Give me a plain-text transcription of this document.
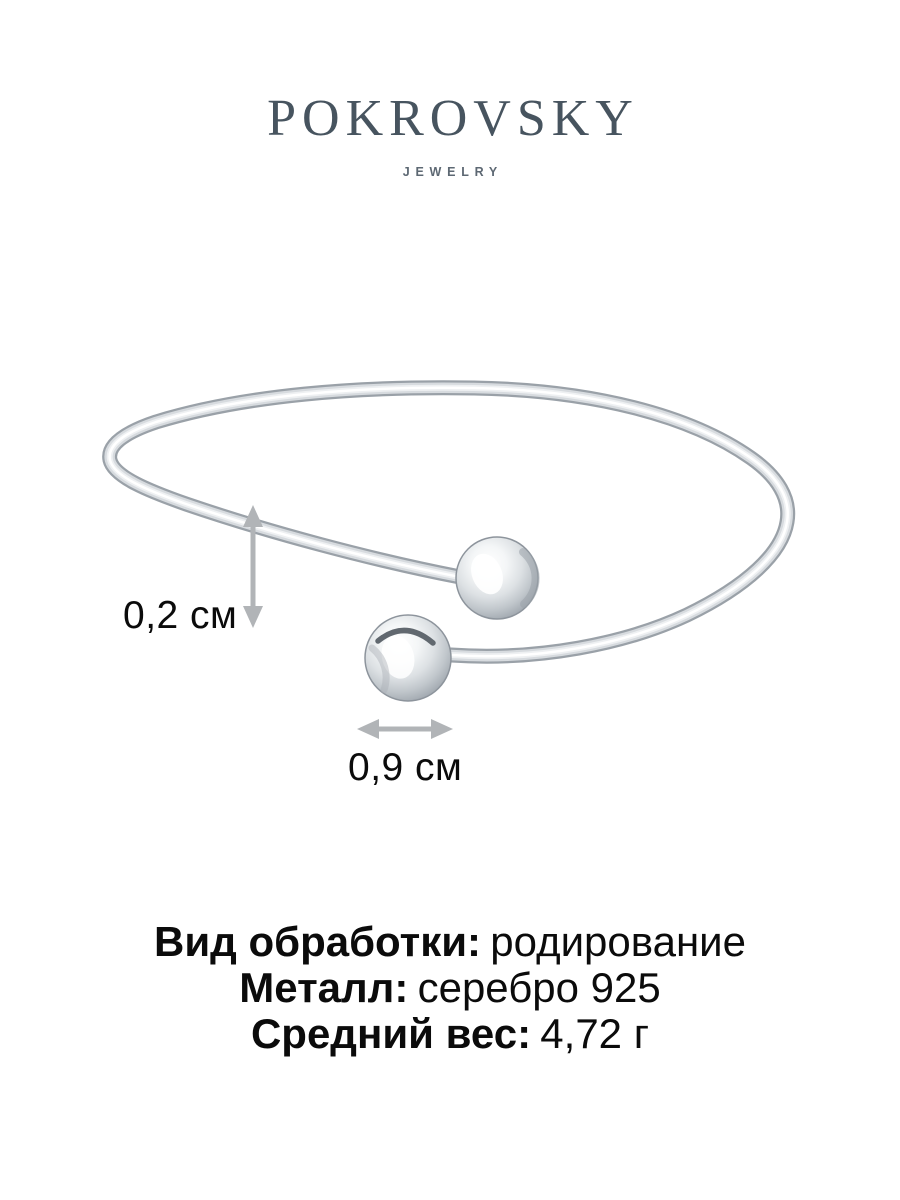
POKROVSKY
JEWELRY
0,2 см
0,9 см
Вид обработки: родирование
Металл: серебро 925
Средний вес: 4,72 г
